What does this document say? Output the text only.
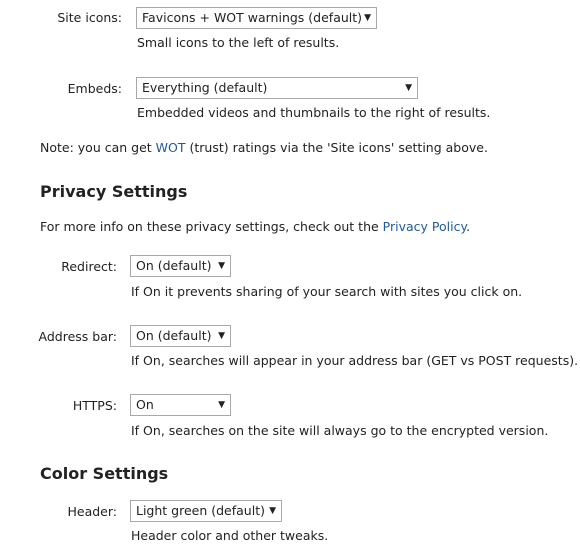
Site icons:	Favicons + WOT warnings (default) ▼
Small icons to the left of results.
Embeds:	Everything (default)	▼
Embedded videos and thumbnails to the right of results.
Note: you can get WOT (trust) ratings via the 'Site icons' setting above.
Privacy Settings
For more info on these privacy settings, check out the Privacy Policy.
Redirect:	On (default) ▼
If On it prevents sharing of your search with sites you click on.
Address bar:	On (default) ▼
If On, searches will appear in your address bar (GET vs POST requests).
HTTPS:	On	▼
If On, searches on the site will always go to the encrypted version.
Color Settings
Header:	Light green (default) ▼
Header color and other tweaks.
